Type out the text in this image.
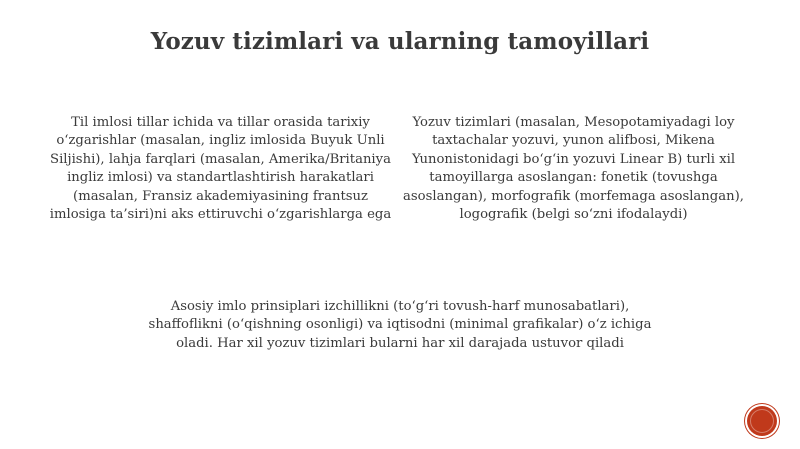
Yozuv tizimlari va ularning tamoyillari
Til imlosi tillar ichida va tillar orasida tarixiy o‘zgarishlar (masalan, ingliz imlosida Buyuk Unli Siljishi), lahja farqlari (masalan, Amerika/Britaniya ingliz imlosi) va standartlashtirish harakatlari (masalan, Fransiz akademiyasining frantsuz imlosiga ta’siri)ni aks ettiruvchi o‘zgarishlarga ega
Yozuv tizimlari (masalan, Mesopotamiyadagi loy taxtachalar yozuvi, yunon alifbosi, Mikena Yunonistonidagi bo‘g‘in yozuvi Linear B) turli xil tamoyillarga asoslangan: fonetik (tovushga asoslangan), morfografik (morfemaga asoslangan), logografik (belgi so‘zni ifodalaydi)
Asosiy imlo prinsiplari izchillikni (to‘g‘ri tovush-harf munosabatlari), shaffoflikni (o‘qishning osonligi) va iqtisodni (minimal grafikalar) o‘z ichiga oladi. Har xil yozuv tizimlari bularni har xil darajada ustuvor qiladi
